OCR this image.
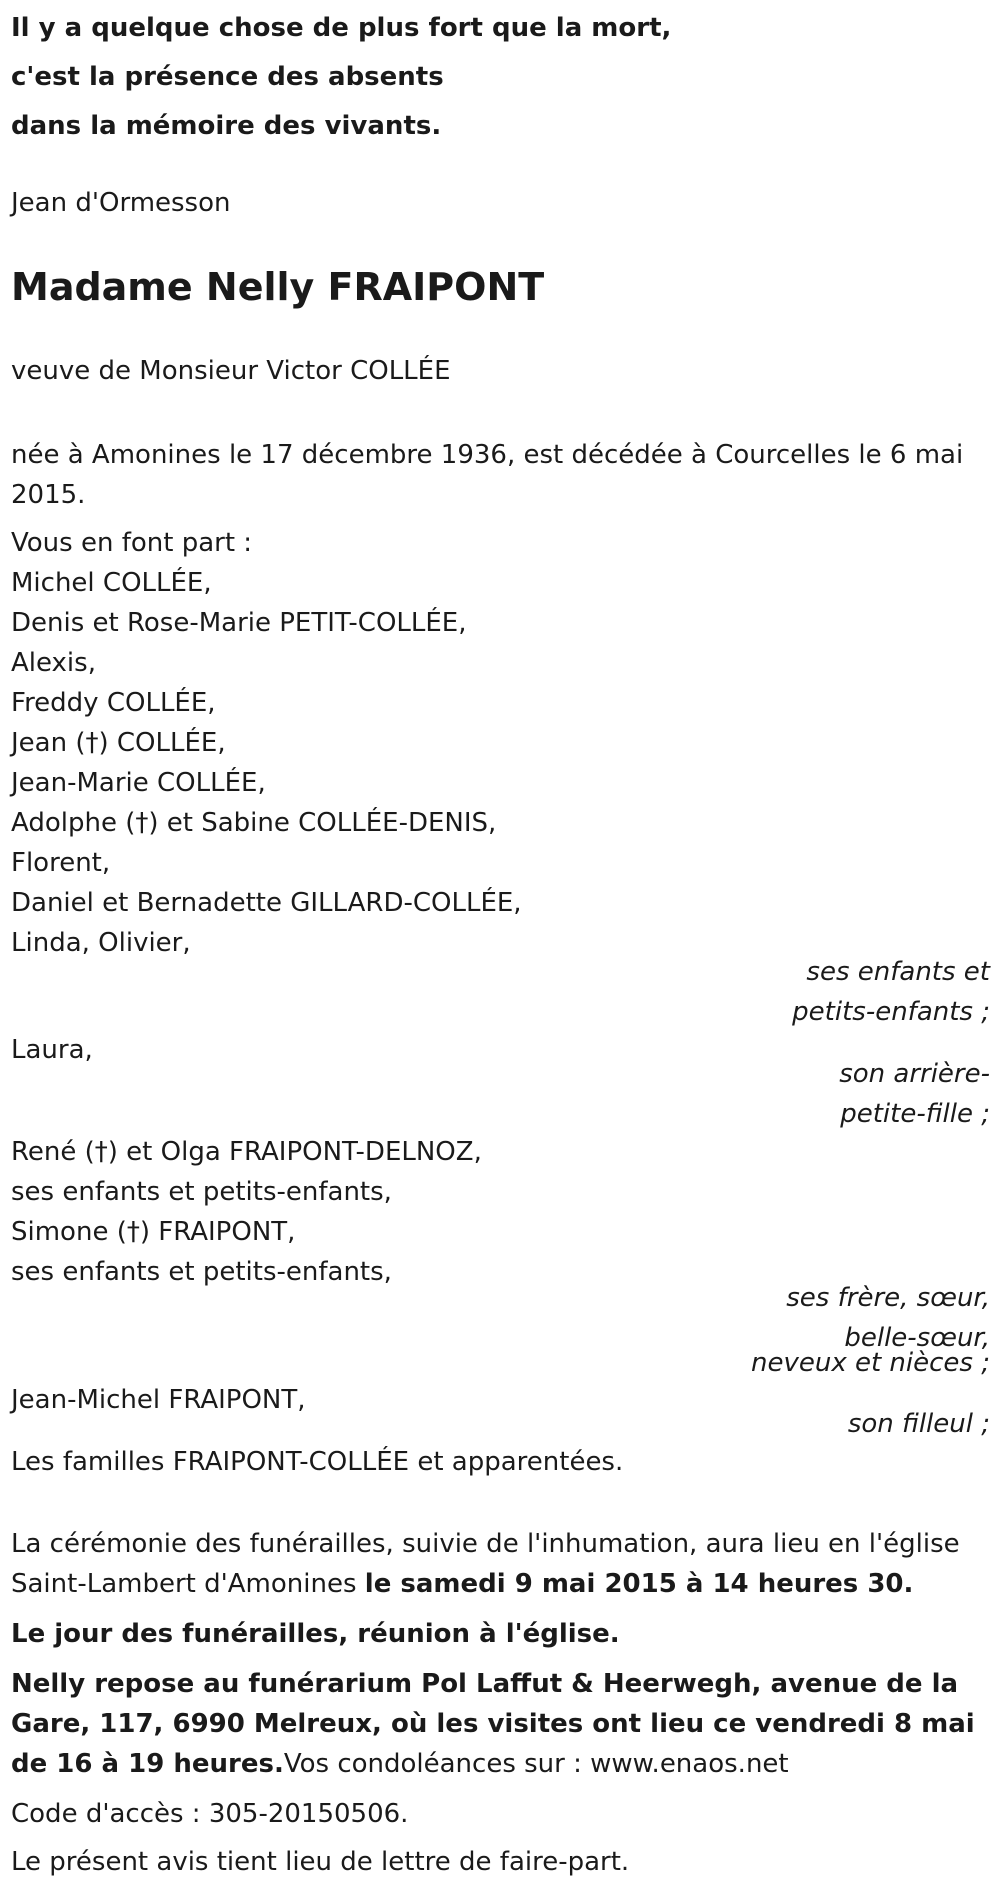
Il y a quelque chose de plus fort que la mort,
c'est la présence des absents
dans la mémoire des vivants.
Jean d'Ormesson
Madame Nelly FRAIPONT
veuve de Monsieur Victor COLLÉE
née à Amonines le 17 décembre 1936, est décédée à Courcelles le 6 mai 2015.
Vous en font part :
Michel COLLÉE,
Denis et Rose-Marie PETIT-COLLÉE,
Alexis,
Freddy COLLÉE,
Jean (†) COLLÉE,
Jean-Marie COLLÉE,
Adolphe (†) et Sabine COLLÉE-DENIS,
Florent,
Daniel et Bernadette GILLARD-COLLÉE,
Linda, Olivier,
ses enfants et
petits-enfants ;
Laura,
son arrière-
petite-fille ;
René (†) et Olga FRAIPONT-DELNOZ,
ses enfants et petits-enfants,
Simone (†) FRAIPONT,
ses enfants et petits-enfants,
ses frère, sœur,
belle-sœur,
neveux et nièces ;
Jean-Michel FRAIPONT,
son filleul ;
Les familles FRAIPONT-COLLÉE et apparentées.
La cérémonie des funérailles, suivie de l'inhumation, aura lieu en l'église Saint-Lambert d'Amonines le samedi 9 mai 2015 à 14 heures 30.
Le jour des funérailles, réunion à l'église.
Nelly repose au funérarium Pol Laffut & Heerwegh, avenue de la Gare, 117, 6990 Melreux, où les visites ont lieu ce vendredi 8 mai de 16 à 19 heures.Vos condoléances sur : www.enaos.net
Code d'accès : 305-20150506.
Le présent avis tient lieu de lettre de faire-part.
